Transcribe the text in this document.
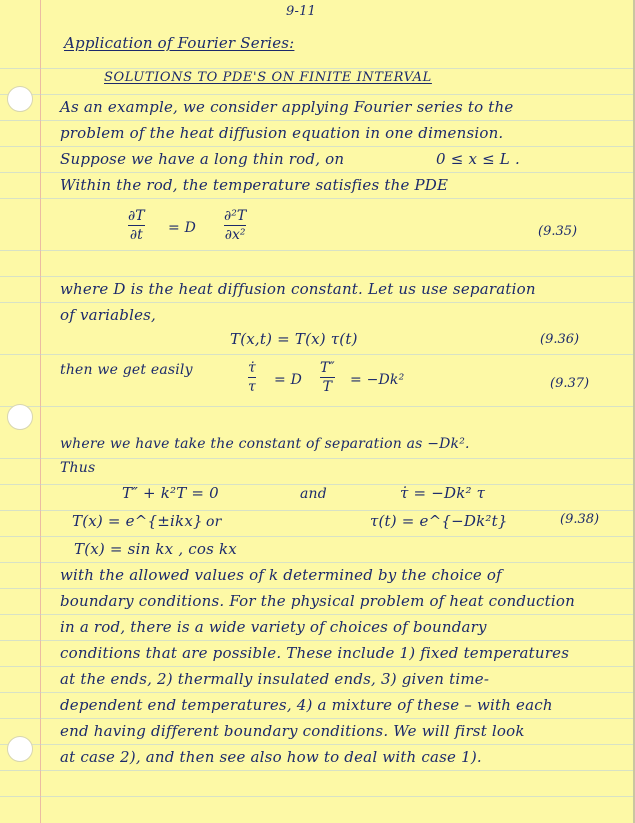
9-11
Application of Fourier Series:
SOLUTIONS TO PDE'S ON FINITE INTERVAL
As an example, we consider applying Fourier series to the
problem of the heat diffusion equation in one dimension.
Suppose we have a long thin rod, on	0 ≤ x ≤ L .
Within the rod, the temperature satisfies the PDE
∂T
∂t = D
∂²T
∂x²	(9.35)
where D is the heat diffusion constant. Let us use separation
of variables,
T(x,t) = T(x) τ(t)	(9.36)
then we get easily	τ̇
τ = D
T″
T = −Dk²	(9.37)
where we have take the constant of separation as −Dk².
Thus
T″ + k²T = 0	and	τ̇ = −Dk² τ
T(x) = e^{±ikx} or	τ(t) = e^{−Dk²t}	(9.38)
T(x) = sin kx , cos kx
with the allowed values of k determined by the choice of
boundary conditions. For the physical problem of heat conduction
in a rod, there is a wide variety of choices of boundary
conditions that are possible. These include 1) fixed temperatures
at the ends, 2) thermally insulated ends, 3) given time-
dependent end temperatures, 4) a mixture of these – with each
end having different boundary conditions. We will first look
at case 2), and then see also how to deal with case 1).
